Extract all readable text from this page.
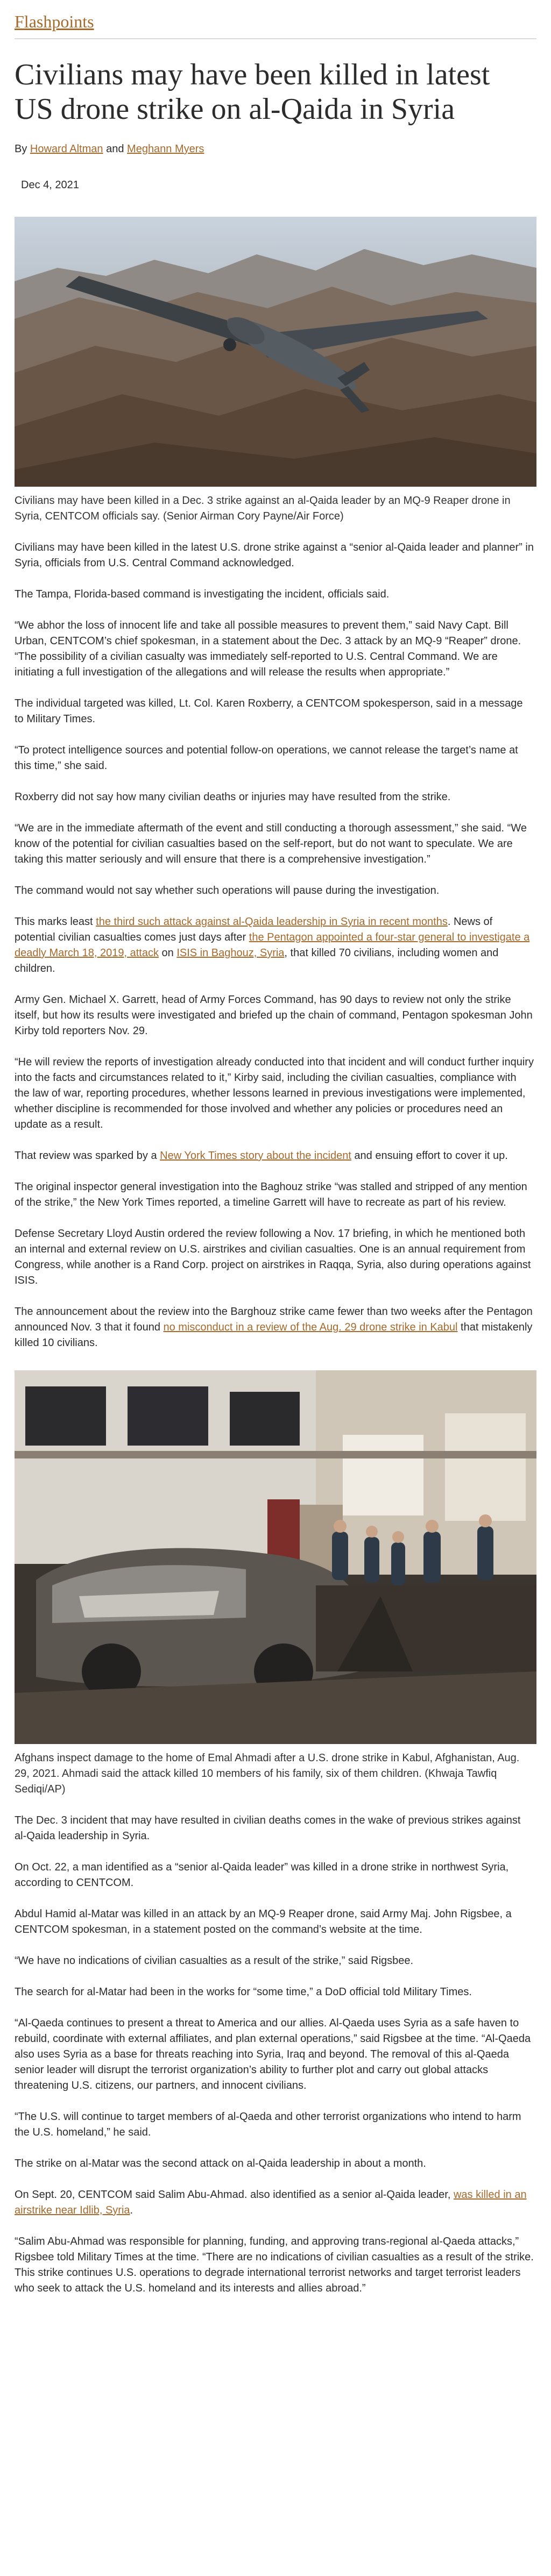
Flashpoints
Civilians may have been killed in latest US drone strike on al-Qaida in Syria
By Howard Altman and Meghann Myers
Dec 4, 2021
Civilians may have been killed in a Dec. 3 strike against an al-Qaida leader by an MQ-9 Reaper drone in Syria, CENTCOM officials say. (Senior Airman Cory Payne/Air Force)

Civilians may have been killed in the latest U.S. drone strike against a “senior al-Qaida leader and planner” in Syria, officials from U.S. Central Command acknowledged.

The Tampa, Florida-based command is investigating the incident, officials said.

“We abhor the loss of innocent life and take all possible measures to prevent them,” said Navy Capt. Bill Urban, CENTCOM’s chief spokesman, in a statement about the Dec. 3 attack by an MQ-9 “Reaper” drone. “The possibility of a civilian casualty was immediately self-reported to U.S. Central Command. We are initiating a full investigation of the allegations and will release the results when appropriate.”

The individual targeted was killed, Lt. Col. Karen Roxberry, a CENTCOM spokesperson, said in a message to Military Times.

“To protect intelligence sources and potential follow-on operations, we cannot release the target’s name at this time,” she said.

Roxberry did not say how many civilian deaths or injuries may have resulted from the strike.

“We are in the immediate aftermath of the event and still conducting a thorough assessment,” she said. “We know of the potential for civilian casualties based on the self-report, but do not want to speculate. We are taking this matter seriously and will ensure that there is a comprehensive investigation.”

The command would not say whether such operations will pause during the investigation.

This marks least the third such attack against al-Qaida leadership in Syria in recent months. News of potential civilian casualties comes just days after the Pentagon appointed a four-star general to investigate a deadly March 18, 2019, attack on ISIS in Baghouz, Syria, that killed 70 civilians, including women and children.

Army Gen. Michael X. Garrett, head of Army Forces Command, has 90 days to review not only the strike itself, but how its results were investigated and briefed up the chain of command, Pentagon spokesman John Kirby told reporters Nov. 29.

“He will review the reports of investigation already conducted into that incident and will conduct further inquiry into the facts and circumstances related to it,” Kirby said, including the civilian casualties, compliance with the law of war, reporting procedures, whether lessons learned in previous investigations were implemented, whether discipline is recommended for those involved and whether any policies or procedures need an update as a result.

That review was sparked by a New York Times story about the incident and ensuing effort to cover it up.

The original inspector general investigation into the Baghouz strike “was stalled and stripped of any mention of the strike,” the New York Times reported, a timeline Garrett will have to recreate as part of his review.

Defense Secretary Lloyd Austin ordered the review following a Nov. 17 briefing, in which he mentioned both an internal and external review on U.S. airstrikes and civilian casualties. One is an annual requirement from Congress, while another is a Rand Corp. project on airstrikes in Raqqa, Syria, also during operations against ISIS.

The announcement about the review into the Barghouz strike came fewer than two weeks after the Pentagon announced Nov. 3 that it found no misconduct in a review of the Aug. 29 drone strike in Kabul that mistakenly killed 10 civilians.

Afghans inspect damage to the home of Emal Ahmadi after a U.S. drone strike in Kabul, Afghanistan, Aug. 29, 2021. Ahmadi said the attack killed 10 members of his family, six of them children. (Khwaja Tawfiq Sediqi/AP)

The Dec. 3 incident that may have resulted in civilian deaths comes in the wake of previous strikes against al-Qaida leadership in Syria.

On Oct. 22, a man identified as a “senior al-Qaida leader” was killed in a drone strike in northwest Syria, according to CENTCOM.

Abdul Hamid al-Matar was killed in an attack by an MQ-9 Reaper drone, said Army Maj. John Rigsbee, a CENTCOM spokesman, in a statement posted on the command’s website at the time.

“We have no indications of civilian casualties as a result of the strike,” said Rigsbee.

The search for al-Matar had been in the works for “some time,” a DoD official told Military Times.

“Al-Qaeda continues to present a threat to America and our allies. Al-Qaeda uses Syria as a safe haven to rebuild, coordinate with external affiliates, and plan external operations,” said Rigsbee at the time. “Al-Qaeda also uses Syria as a base for threats reaching into Syria, Iraq and beyond. The removal of this al-Qaeda senior leader will disrupt the terrorist organization’s ability to further plot and carry out global attacks threatening U.S. citizens, our partners, and innocent civilians.

“The U.S. will continue to target members of al-Qaeda and other terrorist organizations who intend to harm the U.S. homeland,” he said.

The strike on al-Matar was the second attack on al-Qaida leadership in about a month.

On Sept. 20, CENTCOM said Salim Abu-Ahmad. also identified as a senior al-Qaida leader, was killed in an airstrike near Idlib, Syria.

“Salim Abu-Ahmad was responsible for planning, funding, and approving trans-regional al-Qaeda attacks,” Rigsbee told Military Times at the time. “There are no indications of civilian casualties as a result of the strike. This strike continues U.S. operations to degrade international terrorist networks and target terrorist leaders who seek to attack the U.S. homeland and its interests and allies abroad.”
